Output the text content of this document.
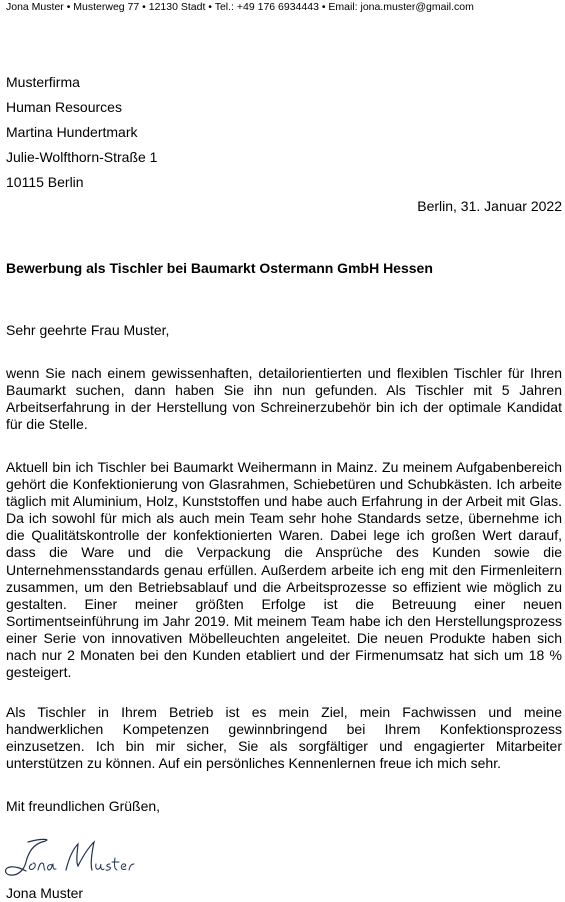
Jona Muster • Musterweg 77 • 12130 Stadt • Tel.: +49 176 6934443 • Email: jona.muster@gmail.com
Musterfirma
Human Resources
Martina Hundertmark
Julie-Wolfthorn-Straße 1
10115 Berlin
Berlin, 31. Januar 2022
Bewerbung als Tischler bei Baumarkt Ostermann GmbH Hessen
Sehr geehrte Frau Muster,

wenn Sie nach einem gewissenhaften, detailorientierten und flexiblen Tischler für Ihren Baumarkt suchen, dann haben Sie ihn nun gefunden. Als Tischler mit 5 Jahren Arbeitserfahrung in der Herstellung von Schreinerzubehör bin ich der optimale Kandidat für die Stelle.

Aktuell bin ich Tischler bei Baumarkt Weihermann in Mainz. Zu meinem Aufgabenbereich gehört die Konfektionierung von Glasrahmen, Schiebetüren und Schubkästen. Ich arbeite täglich mit Aluminium, Holz, Kunststoffen und habe auch Erfahrung in der Arbeit mit Glas. Da ich sowohl für mich als auch mein Team sehr hohe Standards setze, übernehme ich die Qualitätskontrolle der konfektionierten Waren. Dabei lege ich großen Wert darauf, dass die Ware und die Verpackung die Ansprüche des Kunden sowie die Unternehmensstandards genau erfüllen. Außerdem arbeite ich eng mit den Firmenleitern zusammen, um den Betriebsablauf und die Arbeitsprozesse so effizient wie möglich zu gestalten. Einer meiner größten Erfolge ist die Betreuung einer neuen Sortimentseinführung im Jahr 2019. Mit meinem Team habe ich den Herstellungsprozess einer Serie von innovativen Möbelleuchten angeleitet. Die neuen Produkte haben sich nach nur 2 Monaten bei den Kunden etabliert und der Firmenumsatz hat sich um 18 % gesteigert.

Als Tischler in Ihrem Betrieb ist es mein Ziel, mein Fachwissen und meine handwerklichen Kompetenzen gewinnbringend bei Ihrem Konfektionsprozess einzusetzen. Ich bin mir sicher, Sie als sorgfältiger und engagierter Mitarbeiter unterstützen zu können. Auf ein persönliches Kennenlernen freue ich mich sehr.

Mit freundlichen Grüßen,
Jona Muster
